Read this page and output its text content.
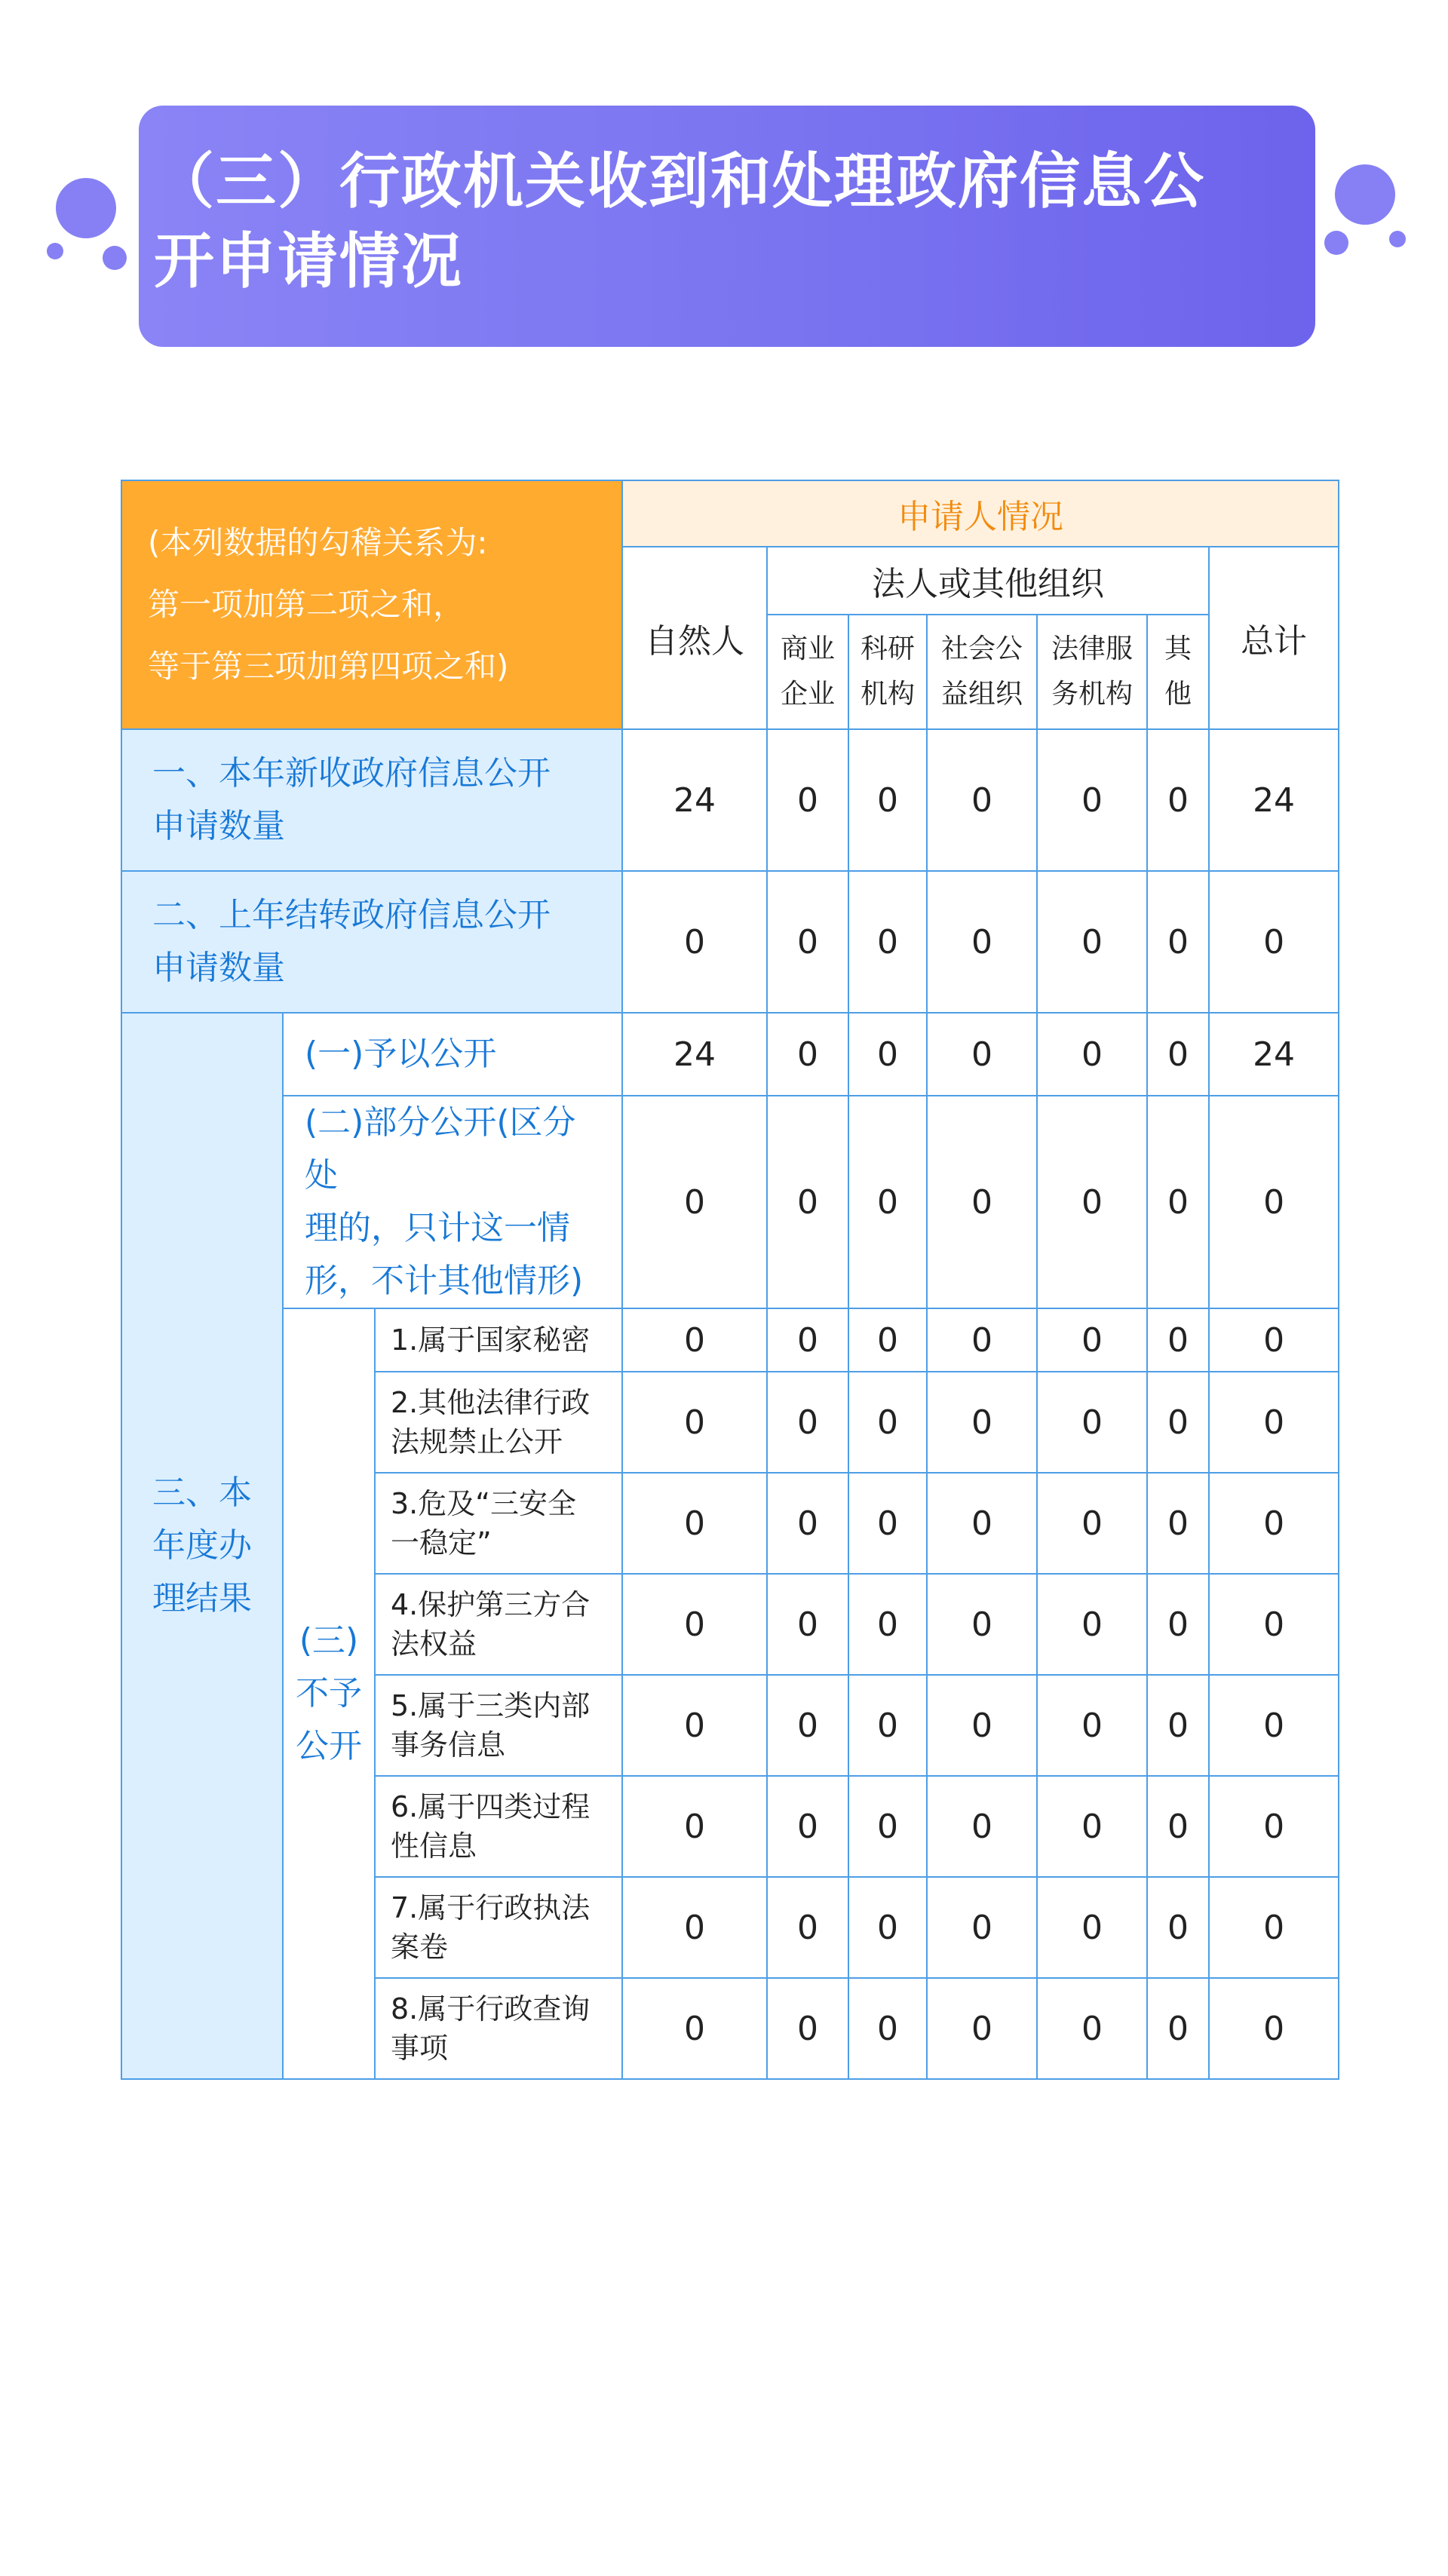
（三）行政机关收到和处理政府信息公
开申请情况
(本列数据的勾稽关系为:
第一项加第二项之和，
等于第三项加第四项之和)			申请人情况						
			自然人	法人或其他组织					总计
				商业
企业	科研
机构	社会公
益组织	法律服
务机构	其
他	
一、本年新收政府信息公开
申请数量			24	0	0	0	0	0	24
二、上年结转政府信息公开
申请数量			0	0	0	0	0	0	0
三、本
年度办
理结果	(一)予以公开		24	0	0	0	0	0	24
	(二)部分公开(区分处
理的，只计这一情
形，不计其他情形)		0	0	0	0	0	0	0
	(三)
不予
公开	1.属于国家秘密	0	0	0	0	0	0	0
		2.其他法律行政
法规禁止公开	0	0	0	0	0	0	0
		3.危及“三安全
一稳定”	0	0	0	0	0	0	0
		4.保护第三方合
法权益	0	0	0	0	0	0	0
		5.属于三类内部
事务信息	0	0	0	0	0	0	0
		6.属于四类过程
性信息	0	0	0	0	0	0	0
		7.属于行政执法
案卷	0	0	0	0	0	0	0
		8.属于行政查询
事项	0	0	0	0	0	0	0
